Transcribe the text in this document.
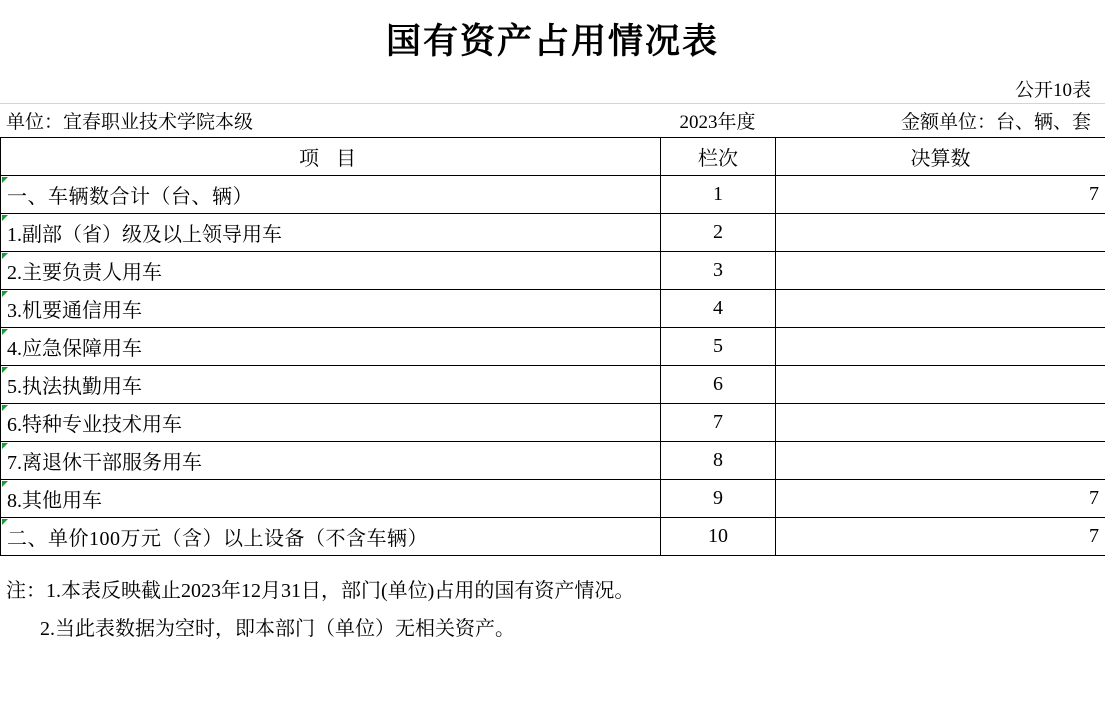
国有资产占用情况表
公开10表
单位：宜春职业技术学院本级	2023年度	金额单位：台、辆、套
项 目	栏次	决算数
一、车辆数合计（台、辆）	1	7
1.副部（省）级及以上领导用车	2	
2.主要负责人用车	3	
3.机要通信用车	4	
4.应急保障用车	5	
5.执法执勤用车	6	
6.特种专业技术用车	7	
7.离退休干部服务用车	8	
8.其他用车	9	7
二、单价100万元（含）以上设备（不含车辆）	10	7
注：1.本表反映截止2023年12月31日，部门(单位)占用的国有资产情况。
2.当此表数据为空时，即本部门（单位）无相关资产。
